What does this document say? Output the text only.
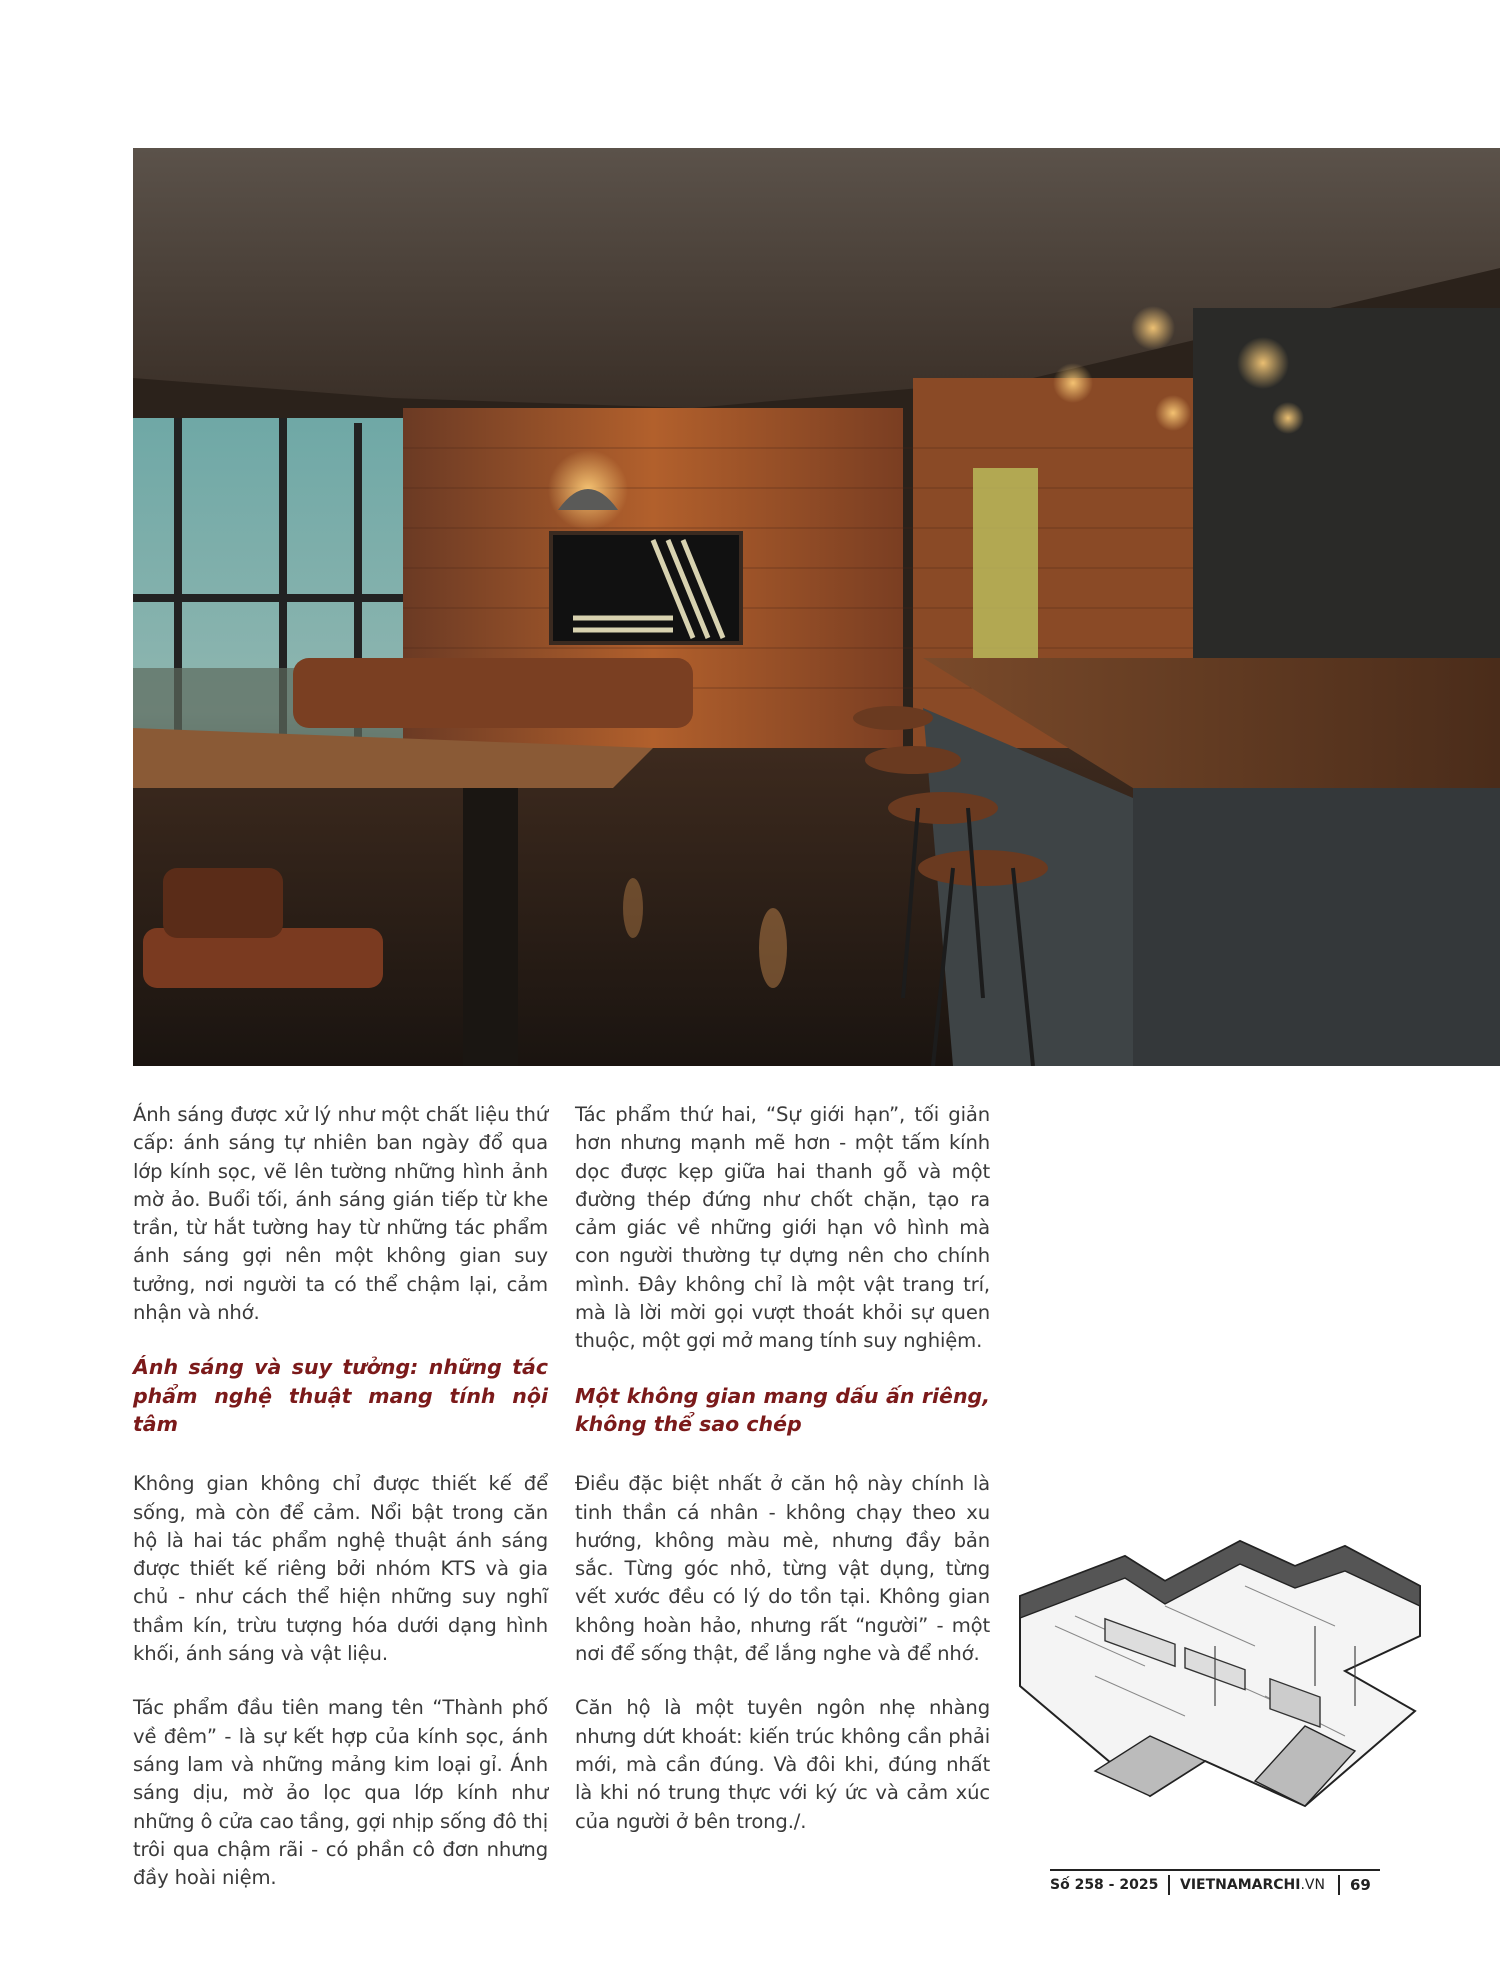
Ánh sáng được xử lý như một chất liệu thứ cấp: ánh sáng tự nhiên ban ngày đổ qua lớp kính sọc, vẽ lên tường những hình ảnh mờ ảo. Buổi tối, ánh sáng gián tiếp từ khe trần, từ hắt tường hay từ những tác phẩm ánh sáng gợi nên một không gian suy tưởng, nơi người ta có thể chậm lại, cảm nhận và nhớ.

Ánh sáng và suy tưởng: những tác phẩm nghệ thuật mang tính nội tâm

Không gian không chỉ được thiết kế để sống, mà còn để cảm. Nổi bật trong căn hộ là hai tác phẩm nghệ thuật ánh sáng được thiết kế riêng bởi nhóm KTS và gia chủ - như cách thể hiện những suy nghĩ thầm kín, trừu tượng hóa dưới dạng hình khối, ánh sáng và vật liệu.

Tác phẩm đầu tiên mang tên “Thành phố về đêm” - là sự kết hợp của kính sọc, ánh sáng lam và những mảng kim loại gỉ. Ánh sáng dịu, mờ ảo lọc qua lớp kính như những ô cửa cao tầng, gợi nhịp sống đô thị trôi qua chậm rãi - có phần cô đơn nhưng đầy hoài niệm.

Tác phẩm thứ hai, “Sự giới hạn”, tối giản hơn nhưng mạnh mẽ hơn - một tấm kính dọc được kẹp giữa hai thanh gỗ và một đường thép đứng như chốt chặn, tạo ra cảm giác về những giới hạn vô hình mà con người thường tự dựng nên cho chính mình. Đây không chỉ là một vật trang trí, mà là lời mời gọi vượt thoát khỏi sự quen thuộc, một gợi mở mang tính suy nghiệm.

Một không gian mang dấu ấn riêng, không thể sao chép

Điều đặc biệt nhất ở căn hộ này chính là tinh thần cá nhân - không chạy theo xu hướng, không màu mè, nhưng đầy bản sắc. Từng góc nhỏ, từng vật dụng, từng vết xước đều có lý do tồn tại. Không gian không hoàn hảo, nhưng rất “người” - một nơi để sống thật, để lắng nghe và để nhớ.

Căn hộ là một tuyên ngôn nhẹ nhàng nhưng dứt khoát: kiến trúc không cần phải mới, mà cần đúng. Và đôi khi, đúng nhất là khi nó trung thực với ký ức và cảm xúc của người ở bên trong./.

Số 258 - 2025 VIETNAMARCHI.VN 69
